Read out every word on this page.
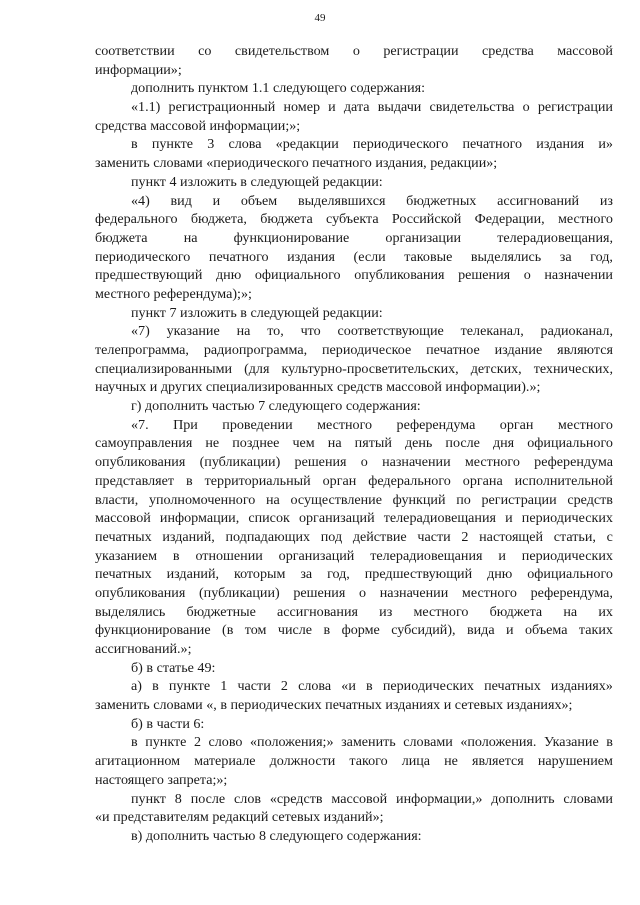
49
соответствии со свидетельством о регистрации средства массовой
информации»;
дополнить пунктом 1.1 следующего содержания:
«1.1) регистрационный номер и дата выдачи свидетельства о регистрации
средства массовой информации;»;
в пункте 3 слова «редакции периодического печатного издания и»
заменить словами «периодического печатного издания, редакции»;
пункт 4 изложить в следующей редакции:
«4) вид и объем выделявшихся бюджетных ассигнований из
федерального бюджета, бюджета субъекта Российской Федерации, местного
бюджета	на	функционирование	организации	телерадиовещания,
периодического печатного издания (если таковые выделялись за год,
предшествующий дню официального опубликования решения о назначении
местного референдума);»;
пункт 7 изложить в следующей редакции:
«7) указание на то, что соответствующие телеканал, радиоканал,
телепрограмма, радиопрограмма, периодическое печатное издание являются
специализированными (для культурно-просветительских, детских, технических,
научных и других специализированных средств массовой информации).»;
г) дополнить частью 7 следующего содержания:
«7. При проведении местного референдума орган местного
самоуправления не позднее чем на пятый день после дня официального
опубликования (публикации) решения о назначении местного референдума
представляет в территориальный орган федерального органа исполнительной
власти, уполномоченного на осуществление функций по регистрации средств
массовой информации, список организаций телерадиовещания и периодических
печатных изданий, подпадающих под действие части 2 настоящей статьи, с
указанием в отношении организаций телерадиовещания и периодических
печатных изданий, которым за год, предшествующий дню официального
опубликования (публикации) решения о назначении местного референдума,
выделялись бюджетные ассигнования из местного бюджета на их
функционирование (в том числе в форме субсидий), вида и объема таких
ассигнований.»;
б) в статье 49:
а) в пункте 1 части 2 слова «и в периодических печатных изданиях»
заменить словами «, в периодических печатных изданиях и сетевых изданиях»;
б) в части 6:
в пункте 2 слово «положения;» заменить словами «положения. Указание в
агитационном материале должности такого лица не является нарушением
настоящего запрета;»;
пункт 8 после слов «средств массовой информации,» дополнить словами
«и представителям редакций сетевых изданий»;
в) дополнить частью 8 следующего содержания:
